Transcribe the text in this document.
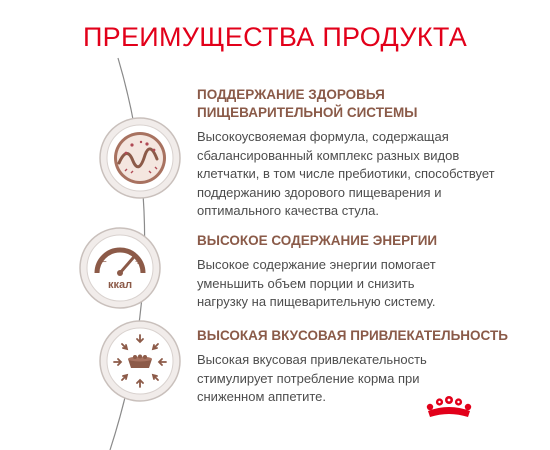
ПРЕИМУЩЕСТВА ПРОДУКТА
−	+
ккал
ПОДДЕРЖАНИЕ ЗДОРОВЬЯ
ПИЩЕВАРИТЕЛЬНОЙ СИСТЕМЫ

Высокоусвояемая формула, содержащая сбалансированный комплекс разных видов клетчатки, в том числе пребиотики, способствует поддержанию здорового пищеварения и оптимального качества стула.

ВЫСОКОЕ СОДЕРЖАНИЕ ЭНЕРГИИ

Высокое содержание энергии помогает уменьшить объем порции и снизить нагрузку на пищеварительную систему.

ВЫСОКАЯ ВКУСОВАЯ ПРИВЛЕКАТЕЛЬНОСТЬ

Высокая вкусовая привлекательность стимулирует потребление корма при сниженном аппетите.
